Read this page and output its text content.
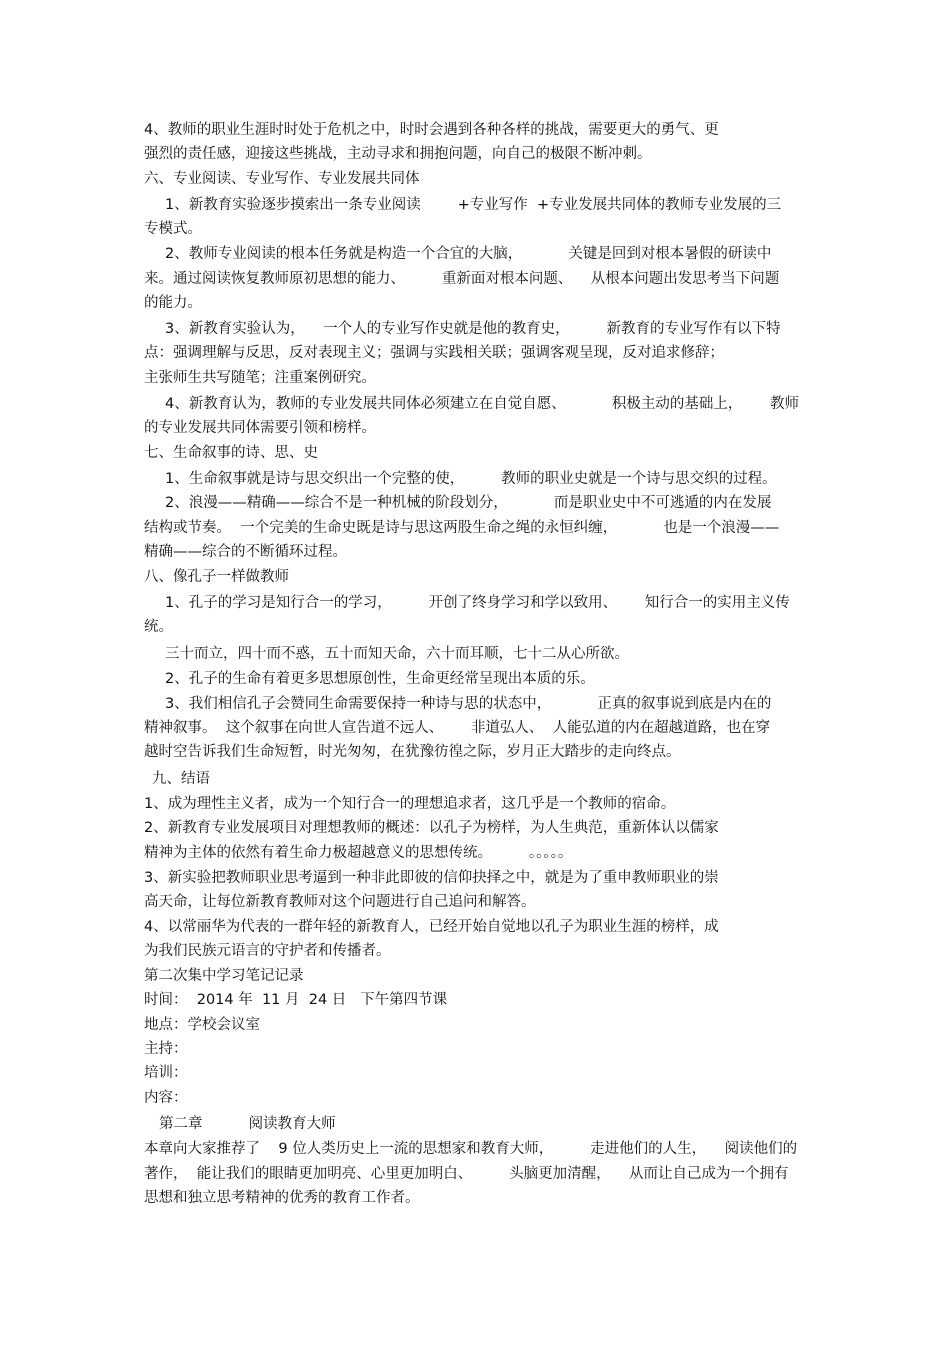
4、教师的职业生涯时时处于危机之中，时时会遇到各种各样的挑战，需要更大的勇气、更
强烈的责任感，迎接这些挑战，主动寻求和拥抱问题，向自己的极限不断冲刺。
六、专业阅读、专业写作、专业发展共同体
1、新教育实验逐步摸索出一条专业阅读        +专业写作  +专业发展共同体的教师专业发展的三
专模式。
2、教师专业阅读的根本任务就是构造一个合宜的大脑，          关键是回到对根本暑假的研读中
来。通过阅读恢复教师原初思想的能力、        重新面对根本问题、    从根本问题出发思考当下问题
的能力。
3、新教育实验认为，    一个人的专业写作史就是他的教育史，        新教育的专业写作有以下特
点：强调理解与反思，反对表现主义；强调与实践相关联；强调客观呈现，反对追求修辞；
主张师生共写随笔；注重案例研究。
4、新教育认为，教师的专业发展共同体必须建立在自觉自愿、          积极主动的基础上，      教师
的专业发展共同体需要引领和榜样。
七、生命叙事的诗、思、史
1、生命叙事就是诗与思交织出一个完整的使，        教师的职业史就是一个诗与思交织的过程。
2、浪漫——精确——综合不是一种机械的阶段划分，          而是职业史中不可逃遁的内在发展
结构或节奏。  一个完美的生命史既是诗与思这两股生命之绳的永恒纠缠，          也是一个浪漫——
精确——综合的不断循环过程。
八、像孔子一样做教师
1、孔子的学习是知行合一的学习，        开创了终身学习和学以致用、      知行合一的实用主义传
统。
三十而立，四十而不惑，五十而知天命，六十而耳顺，七十二从心所欲。
2、孔子的生命有着更多思想原创性，生命更经常呈现出本质的乐。
3、我们相信孔子会赞同生命需要保持一种诗与思的状态中，          正真的叙事说到底是内在的
精神叙事。  这个叙事在向世人宣告道不远人、      非道弘人、  人能弘道的内在超越道路，也在穿
越时空告诉我们生命短暂，时光匆匆，在犹豫彷徨之际，岁月正大踏步的走向终点。
九、结语
1、成为理性主义者，成为一个知行合一的理想追求者，这几乎是一个教师的宿命。
2、新教育专业发展项目对理想教师的概述：以孔子为榜样，为人生典范，重新体认以儒家
精神为主体的依然有着生命力极超越意义的思想传统。        。。。。。
3、新实验把教师职业思考逼到一种非此即彼的信仰抉择之中，就是为了重申教师职业的崇
高天命，让每位新教育教师对这个问题进行自己追问和解答。
4、以常丽华为代表的一群年轻的新教育人，已经开始自觉地以孔子为职业生涯的榜样，成
为我们民族元语言的守护者和传播者。
第二次集中学习笔记记录
时间：  2014 年  11 月  24 日   下午第四节课
地点：学校会议室
主持：
培训：
内容：
第二章          阅读教育大师
本章向大家推荐了    9 位人类历史上一流的思想家和教育大师，        走进他们的人生，    阅读他们的
著作，  能让我们的眼睛更加明亮、心里更加明白、        头脑更加清醒，    从而让自己成为一个拥有
思想和独立思考精神的优秀的教育工作者。
